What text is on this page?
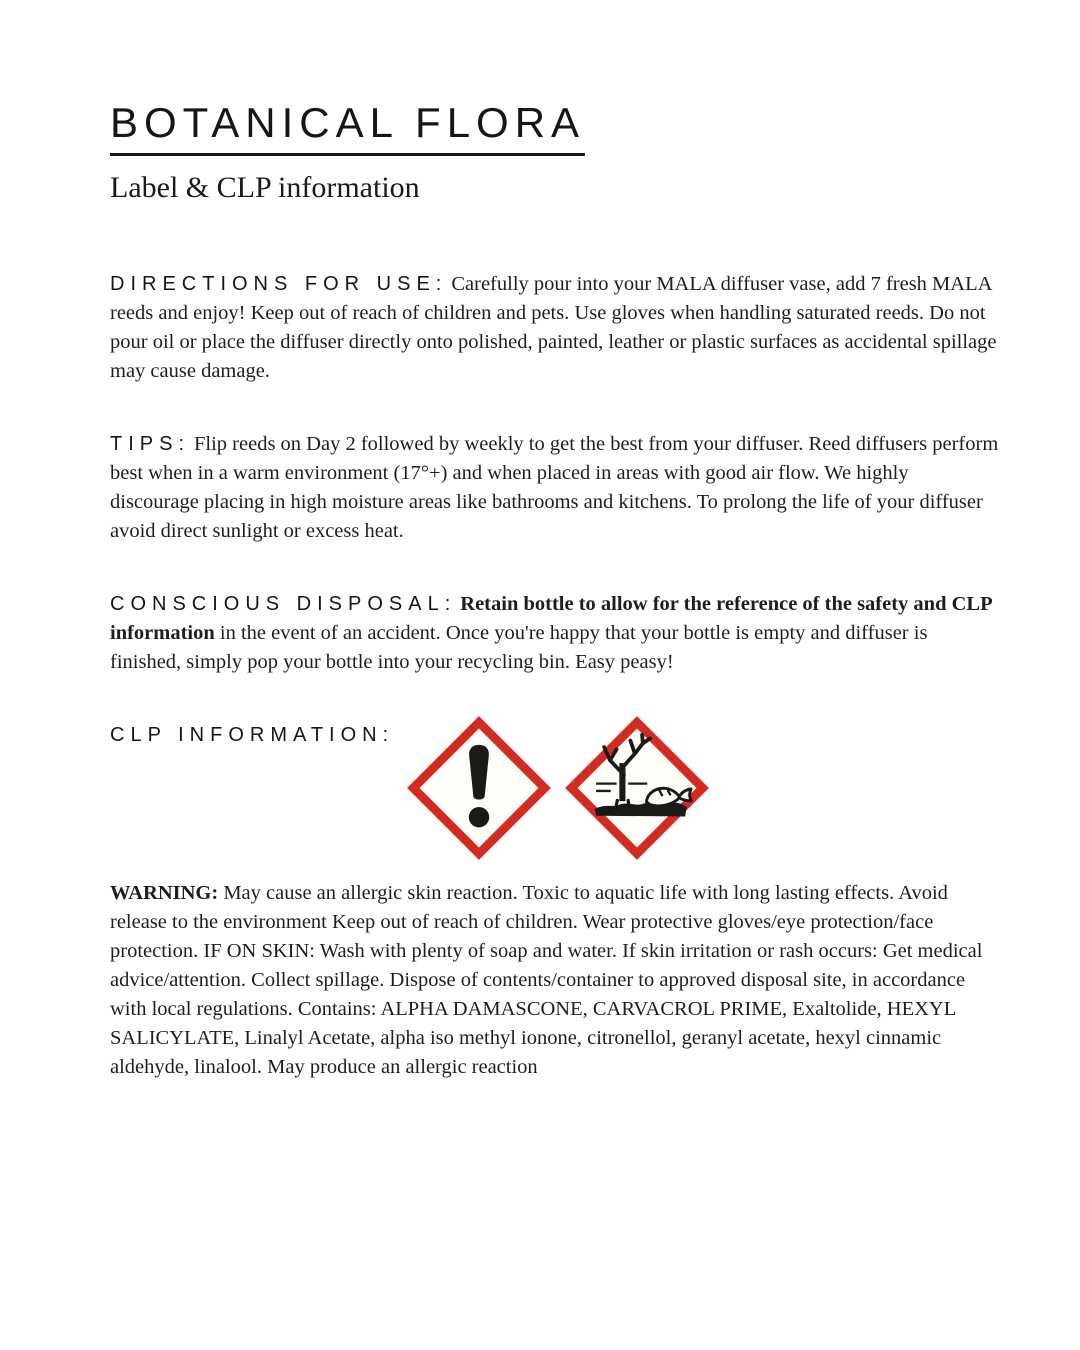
BOTANICAL FLORA
Label & CLP information

DIRECTIONS FOR USE: Carefully pour into your MALA diffuser vase, add 7 fresh MALA reeds and enjoy! Keep out of reach of children and pets. Use gloves when handling saturated reeds. Do not pour oil or place the diffuser directly onto polished, painted, leather or plastic surfaces as accidental spillage may cause damage.

TIPS: Flip reeds on Day 2 followed by weekly to get the best from your diffuser. Reed diffusers perform best when in a warm environment (17°+) and when placed in areas with good air flow. We highly discourage placing in high moisture areas like bathrooms and kitchens. To prolong the life of your diffuser avoid direct sunlight or excess heat.

CONSCIOUS DISPOSAL: Retain bottle to allow for the reference of the safety and CLP information in the event of an accident. Once you're happy that your bottle is empty and diffuser is finished, simply pop your bottle into your recycling bin. Easy peasy!

CLP INFORMATION:

WARNING: May cause an allergic skin reaction. Toxic to aquatic life with long lasting effects. Avoid release to the environment Keep out of reach of children. Wear protective gloves/eye protection/face protection. IF ON SKIN: Wash with plenty of soap and water. If skin irritation or rash occurs: Get medical advice/attention. Collect spillage. Dispose of contents/container to approved disposal site, in accordance with local regulations. Contains: ALPHA DAMASCONE, CARVACROL PRIME, Exaltolide, HEXYL SALICYLATE, Linalyl Acetate, alpha iso methyl ionone, citronellol, geranyl acetate, hexyl cinnamic aldehyde, linalool. May produce an allergic reaction
